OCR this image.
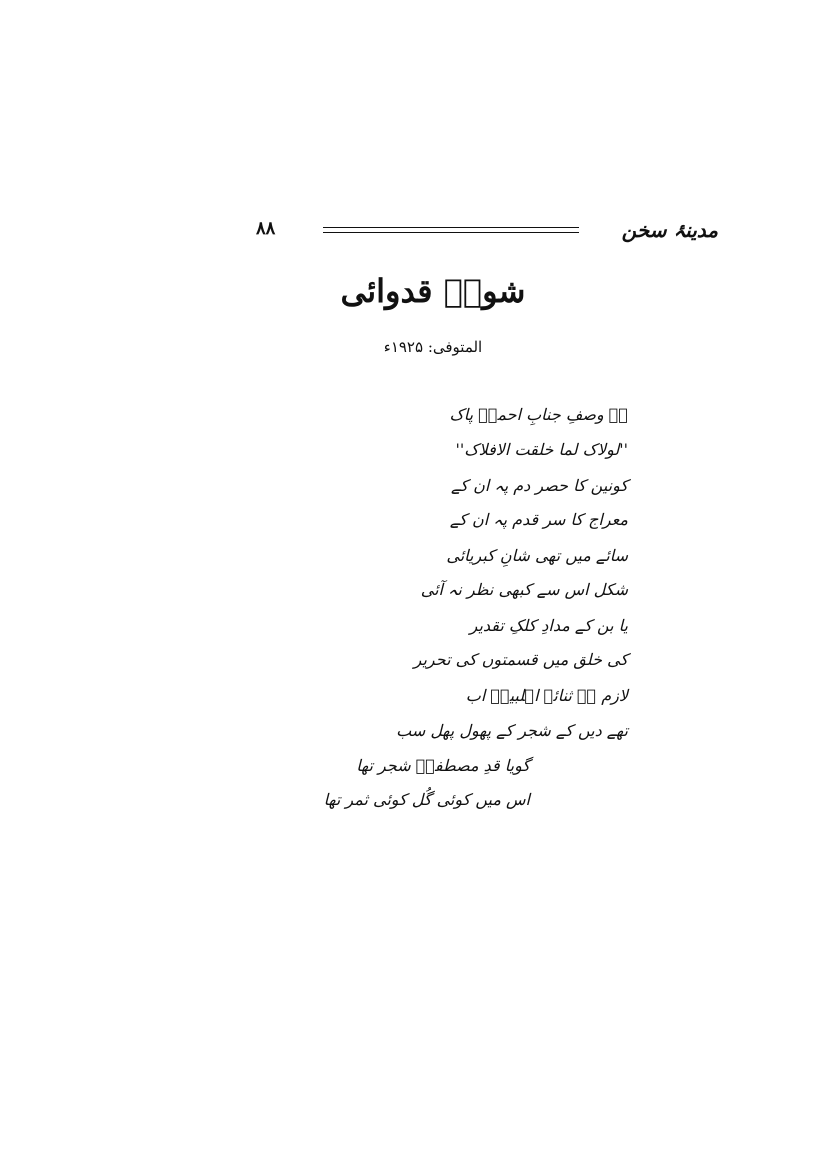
مدینۂ سخن
۸۸
شوقؔ قدوائی
المتوفی: ۱۹۲۵ء
ہے وصفِ جنابِ احمدؐ پاک
''لولاک لما خلقت الافلاک''
کونین کا حصر دم پہ ان کے
معراج کا سر قدم پہ ان کے
سائے میں تھی شانِ کبریائی
شکل اس سے کبھی نظر نہ آئی
یا بن کے مدادِ کلکِ تقدیر
کی خلق میں قسمتوں کی تحریر
لازم ہے ثنائے اہلبیتؑ اب
تھے دیں کے شجر کے پھول پھل سب
گویا قدِ مصطفیؐ شجر تھا
اس میں کوئی گُل کوئی ثمر تھا
